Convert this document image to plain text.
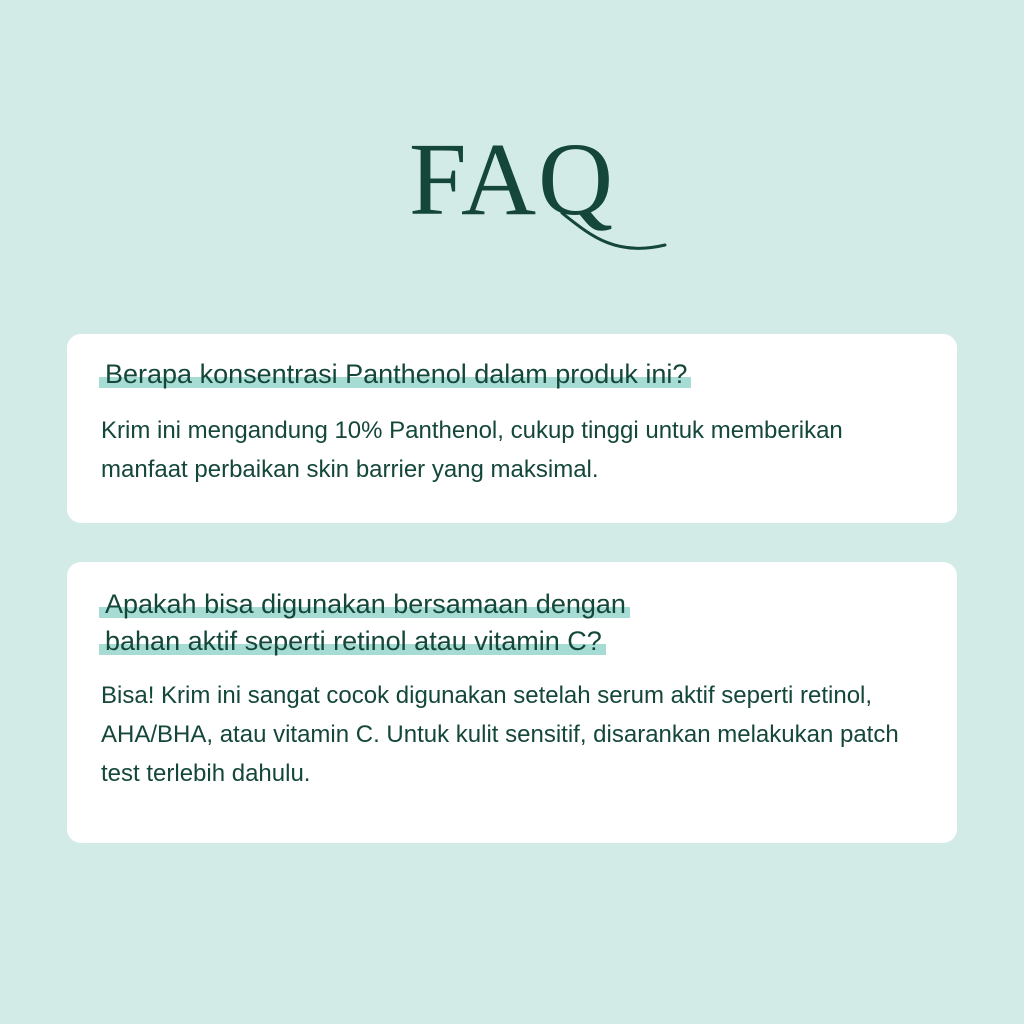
FAQ
Berapa konsentrasi Panthenol dalam produk ini?

Krim ini mengandung 10% Panthenol, cukup tinggi untuk memberikan manfaat perbaikan skin barrier yang maksimal.

Apakah bisa digunakan bersamaan dengan
bahan aktif seperti retinol atau vitamin C?

Bisa! Krim ini sangat cocok digunakan setelah serum aktif seperti retinol, AHA/BHA, atau vitamin C. Untuk kulit sensitif, disarankan melakukan patch test terlebih dahulu.
